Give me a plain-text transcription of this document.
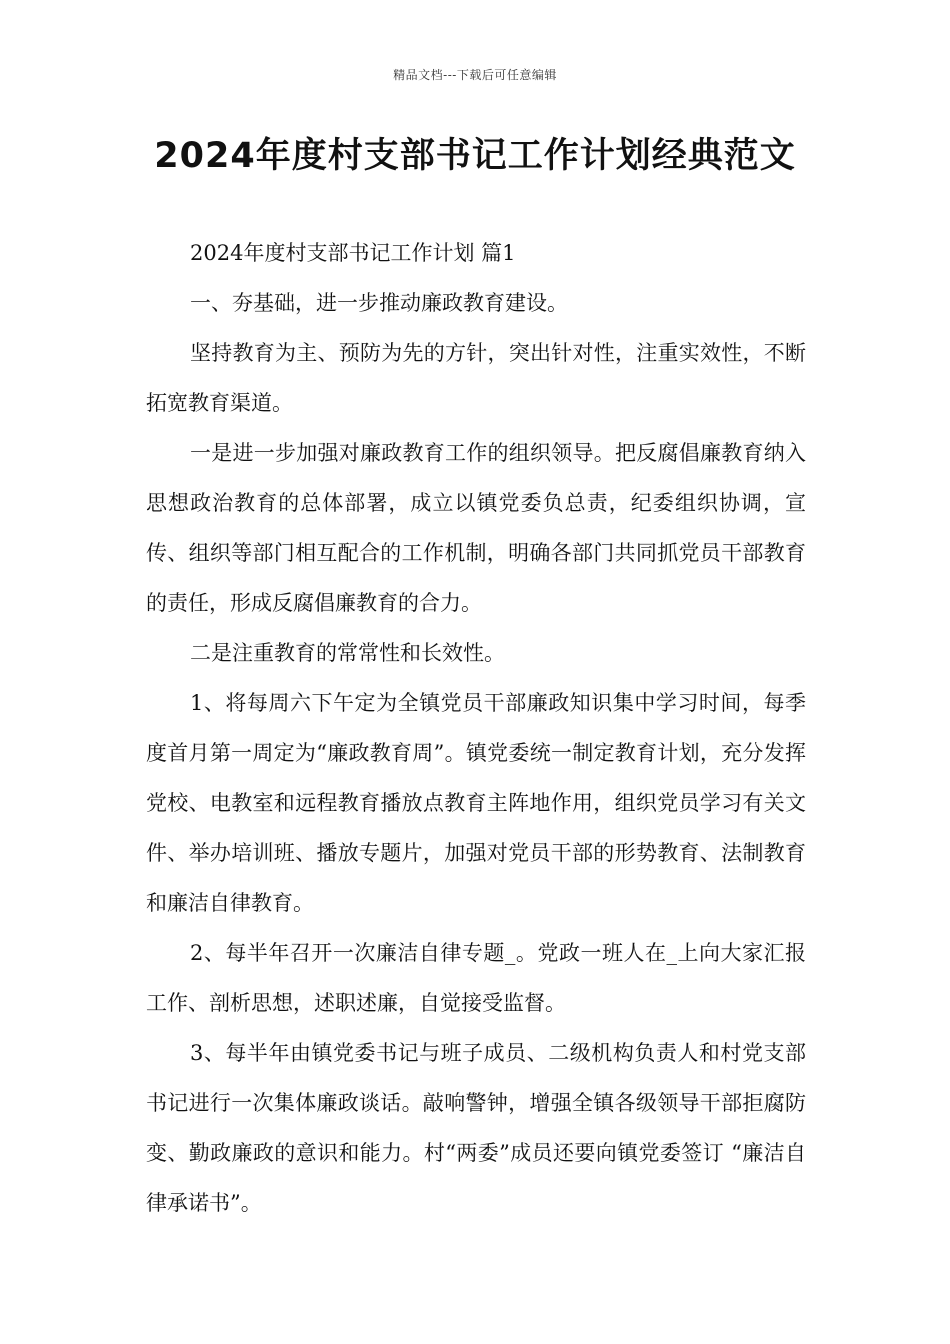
精品文档---下载后可任意编辑
2024年度村支部书记工作计划经典范文

2024年度村支部书记工作计划 篇1

一、夯基础，进一步推动廉政教育建设。

坚持教育为主、预防为先的方针，突出针对性，注重实效性，不断拓宽教育渠道。

一是进一步加强对廉政教育工作的组织领导。把反腐倡廉教育纳入思想政治教育的总体部署，成立以镇党委负总责，纪委组织协调，宣传、组织等部门相互配合的工作机制，明确各部门共同抓党员干部教育的责任，形成反腐倡廉教育的合力。

二是注重教育的常常性和长效性。

1、将每周六下午定为全镇党员干部廉政知识集中学习时间，每季度首月第一周定为“廉政教育周”。镇党委统一制定教育计划，充分发挥党校、电教室和远程教育播放点教育主阵地作用，组织党员学习有关文件、举办培训班、播放专题片，加强对党员干部的形势教育、法制教育和廉洁自律教育。

2、每半年召开一次廉洁自律专题_。党政一班人在_上向大家汇报工作、剖析思想，述职述廉，自觉接受监督。

3、每半年由镇党委书记与班子成员、二级机构负责人和村党支部书记进行一次集体廉政谈话。敲响警钟，增强全镇各级领导干部拒腐防变、勤政廉政的意识和能力。村“两委”成员还要向镇党委签订 “廉洁自律承诺书”。
